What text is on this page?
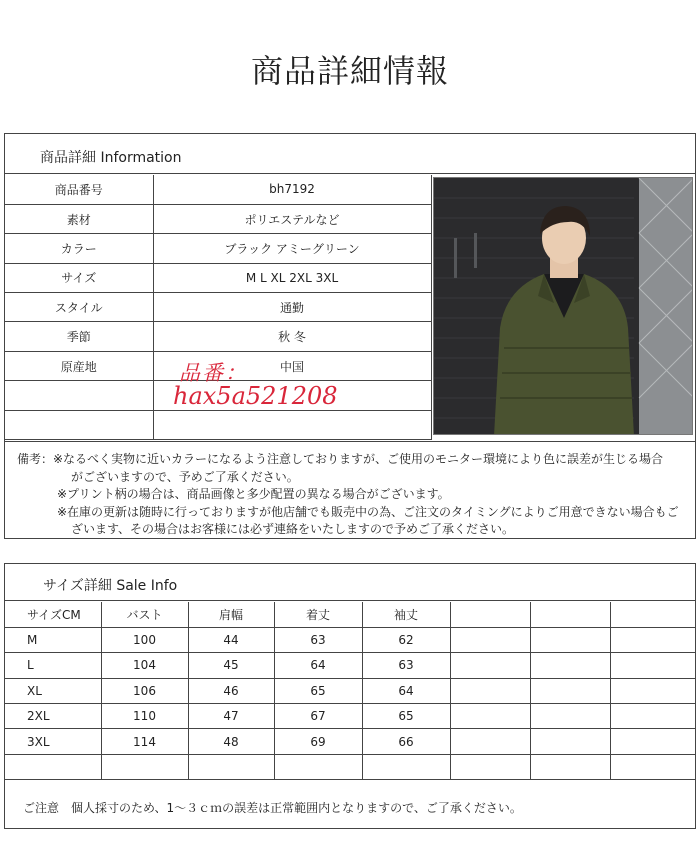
商品詳細情報
商品詳細 Information
商品番号	bh7192
素材	ポリエステルなど
カラー	ブラック アミーグリーン
サイズ	M L XL 2XL 3XL
スタイル	通勤
季節	秋 冬
原産地	中国

品番：
hax5a521208
備考：※なるべく実物に近いカラーになるよう注意しておりますが、ご使用のモニター環境により色に誤差が生じる場合
がございますので、予めご了承ください。
※プリント柄の場合は、商品画像と多少配置の異なる場合がございます。
※在庫の更新は随時に行っておりますが他店舗でも販売中の為、ご注文のタイミングによりご用意できない場合もご
ざいます、その場合はお客様には必ず連絡をいたしますので予めご了承ください。
サイズ詳細 Sale Info
サイズCM	バスト	肩幅	着丈	袖丈			
M	100	44	63	62			
L	104	45	64	63			
XL	106	46	65	64			
2XL	110	47	67	65			
3XL	114	48	69	66			

ご注意　個人採寸のため、1～３ｃｍの誤差は正常範囲内となりますので、ご了承ください。
